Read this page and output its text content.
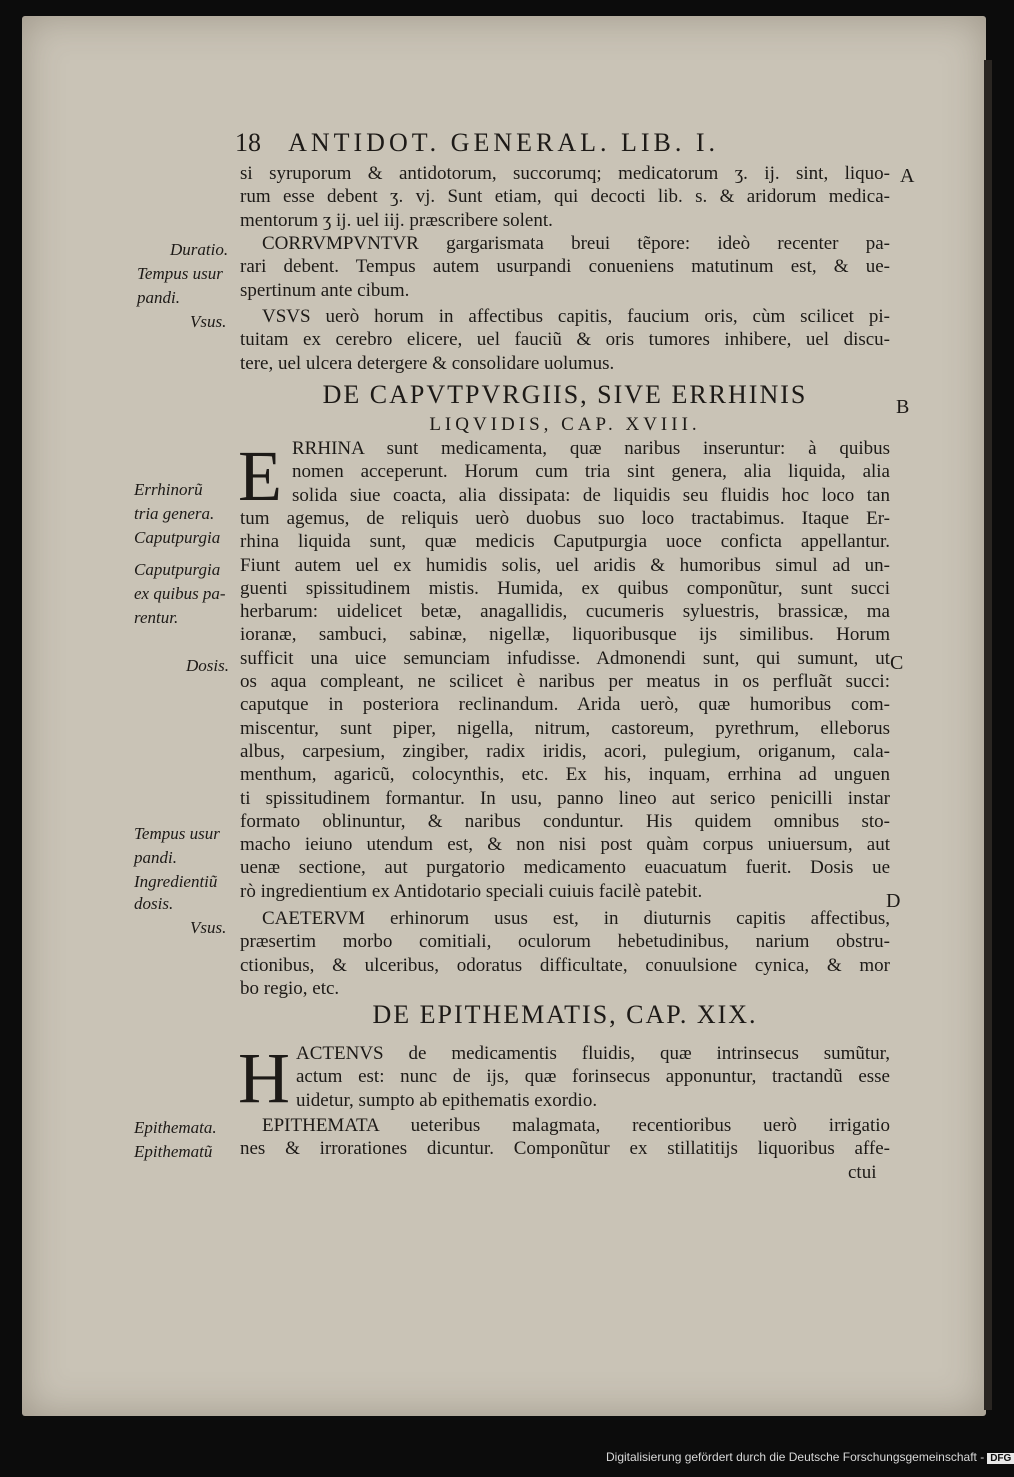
18 ANTIDOT. GENERAL. LIB. I.
A
B
C
D
si syruporum & antidotorum, succorumq; medicatorum ʒ. ij. sint, liquo-
rum esse debent ʒ. vj. Sunt etiam, qui decocti lib. s. & aridorum medica-
mentorum ʒ ij. uel iij. præscribere solent.
CORRVMPVNTVR gargarismata breui tẽpore: ideò recenter pa-
rari debent. Tempus autem usurpandi conueniens matutinum est, & ue-
spertinum ante cibum.
VSVS uerò horum in affectibus capitis, faucium oris, cùm scilicet pi-
tuitam ex cerebro elicere, uel fauciũ & oris tumores inhibere, uel discu-
tere, uel ulcera detergere & consolidare uolumus.
DE CAPVTPVRGIIS, SIVE ERRHINIS
LIQVIDIS, CAP. XVIII.
E RRHINA sunt medicamenta, quæ naribus inseruntur: à quibus
nomen acceperunt. Horum cum tria sint genera, alia liquida, alia
solida siue coacta, alia dissipata: de liquidis seu fluidis hoc loco tan
tum agemus, de reliquis uerò duobus suo loco tractabimus. Itaque Er-
rhina liquida sunt, quæ medicis Caputpurgia uoce conficta appellantur.
Fiunt autem uel ex humidis solis, uel aridis & humoribus simul ad un-
guenti spissitudinem mistis. Humida, ex quibus componũtur, sunt succi
herbarum: uidelicet betæ, anagallidis, cucumeris syluestris, brassicæ, ma
ioranæ, sambuci, sabinæ, nigellæ, liquoribusque ijs similibus. Horum
sufficit una uice semunciam infudisse. Admonendi sunt, qui sumunt, ut
os aqua compleant, ne scilicet è naribus per meatus in os perfluãt succi:
caputque in posteriora reclinandum. Arida uerò, quæ humoribus com-
miscentur, sunt piper, nigella, nitrum, castoreum, pyrethrum, elleborus
albus, carpesium, zingiber, radix iridis, acori, pulegium, origanum, cala-
menthum, agaricũ, colocynthis, etc. Ex his, inquam, errhina ad unguen
ti spissitudinem formantur. In usu, panno lineo aut serico penicilli instar
formato oblinuntur, & naribus conduntur. His quidem omnibus sto-
macho ieiuno utendum est, & non nisi post quàm corpus uniuersum, aut
uenæ sectione, aut purgatorio medicamento euacuatum fuerit. Dosis ue
rò ingredientium ex Antidotario speciali cuiuis facilè patebit.
CAETERVM erhinorum usus est, in diuturnis capitis affectibus,
præsertim morbo comitiali, oculorum hebetudinibus, narium obstru-
ctionibus, & ulceribus, odoratus difficultate, conuulsione cynica, & mor
bo regio, etc.
DE EPITHEMATIS, CAP. XIX.
H ACTENVS de medicamentis fluidis, quæ intrinsecus sumũtur,
actum est: nunc de ijs, quæ forinsecus apponuntur, tractandũ esse
uidetur, sumpto ab epithematis exordio.
EPITHEMATA ueteribus malagmata, recentioribus uerò irrigatio
nes & irrorationes dicuntur. Componũtur ex stillatitijs liquoribus affe-
ctui
Duratio.
Tempus usur
pandi.
Vsus.
Errhinorũ
tria genera.
Caputpurgia
Caputpurgia
ex quibus pa-
rentur.
Dosis.
Tempus usur
pandi.
Ingredientiũ
dosis.
Vsus.
Epithemata.
Epithematũ
Digitalisierung gefördert durch die Deutsche Forschungsgemeinschaft - DFG
